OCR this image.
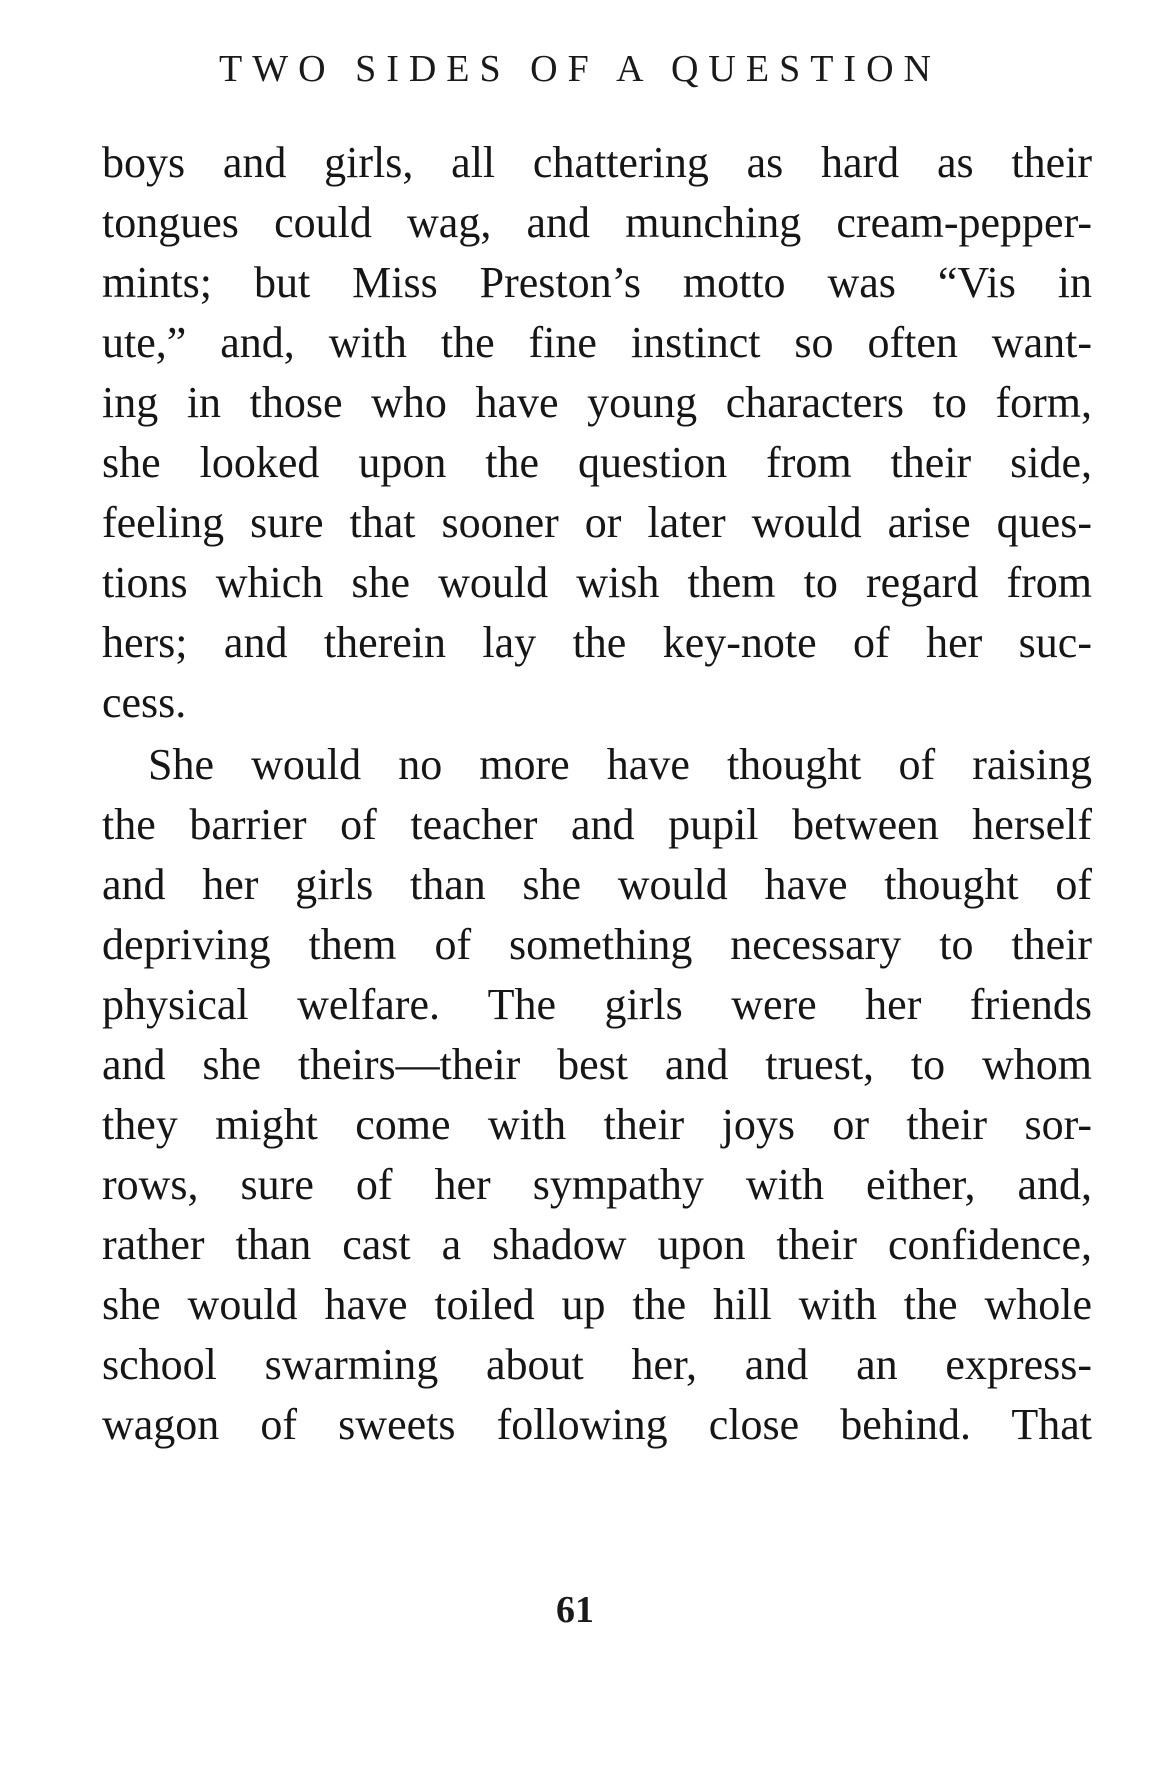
TWO SIDES OF A QUESTION
boys and girls, all chattering as hard as their
tongues could wag, and munching cream-pepper-
mints; but Miss Preston’s motto was “Vis in
ute,” and, with the fine instinct so often want-
ing in those who have young characters to form,
she looked upon the question from their side,
feeling sure that sooner or later would arise ques-
tions which she would wish them to regard from
hers; and therein lay the key-note of her suc-
cess.
She would no more have thought of raising
the barrier of teacher and pupil between herself
and her girls than she would have thought of
depriving them of something necessary to their
physical welfare. The girls were her friends
and she theirs—their best and truest, to whom
they might come with their joys or their sor-
rows, sure of her sympathy with either, and,
rather than cast a shadow upon their confidence,
she would have toiled up the hill with the whole
school swarming about her, and an express-
wagon of sweets following close behind. That
61
